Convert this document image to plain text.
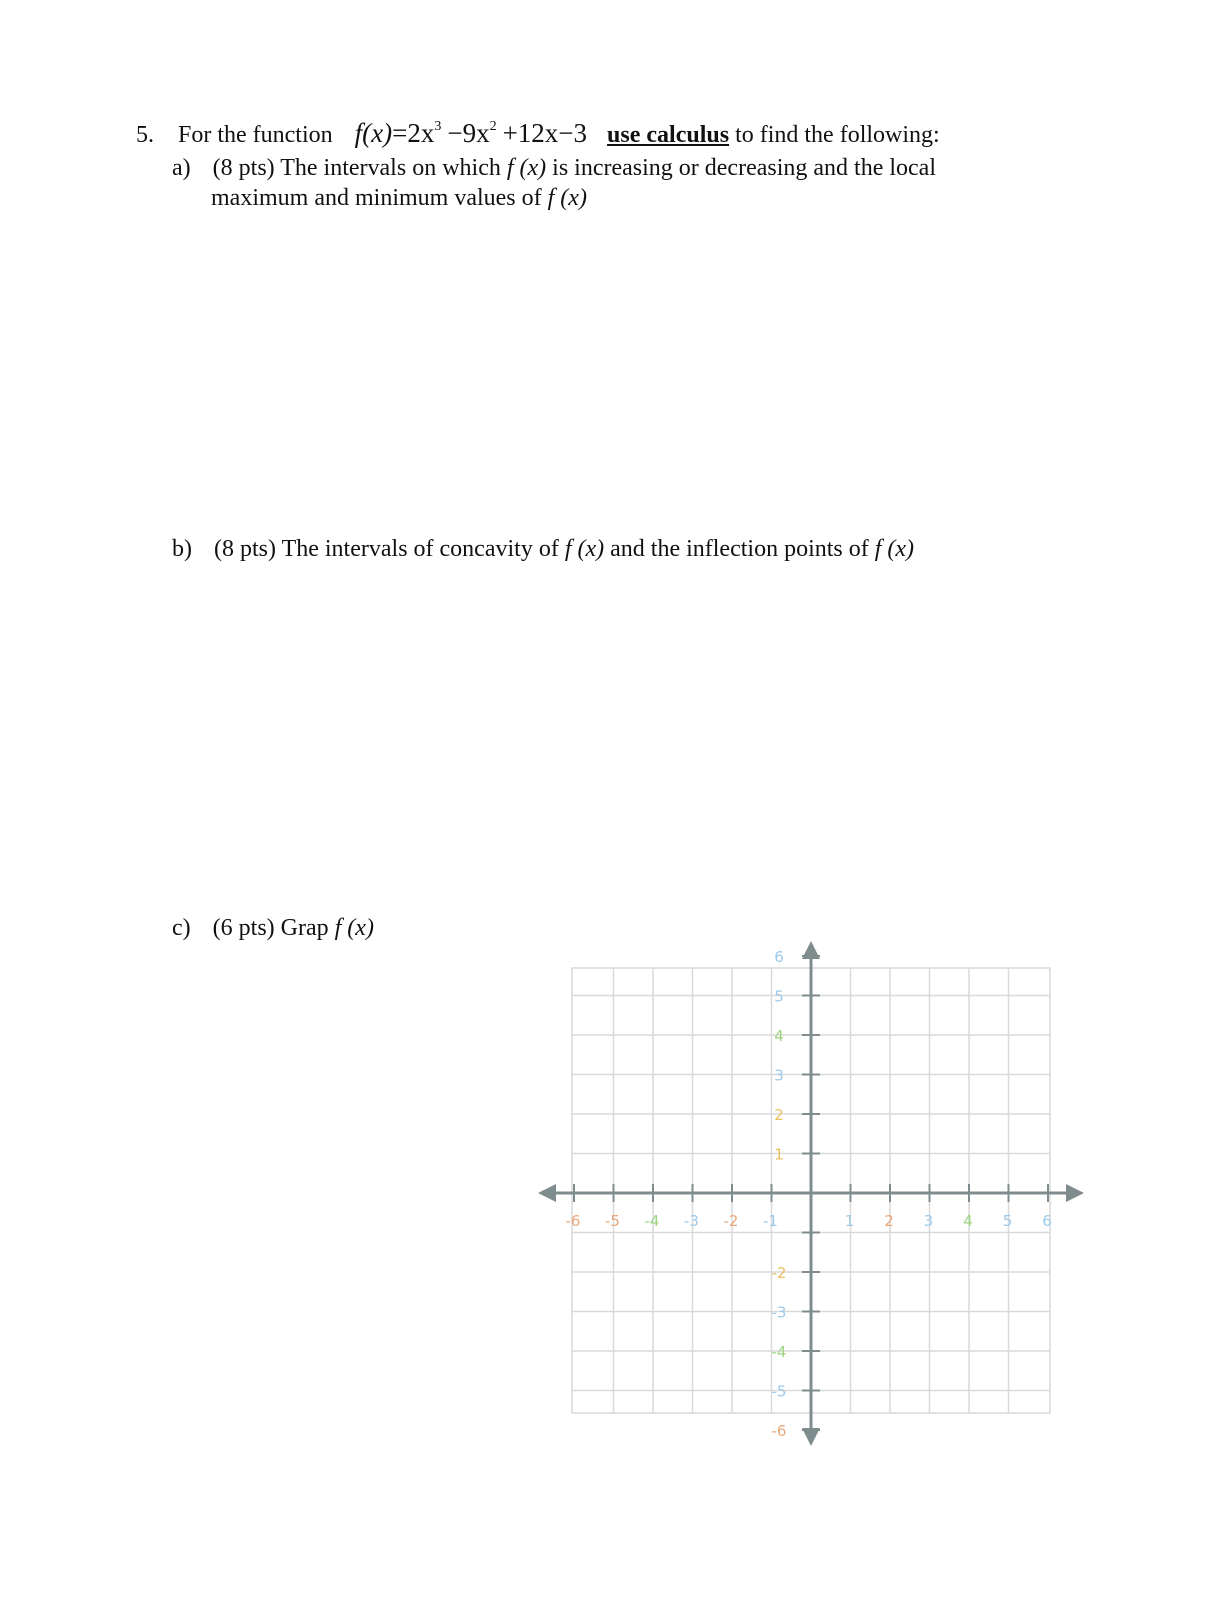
5. For the function $f(x)=2x^3 -9x^2 +12x-3$ use calculus to find the following:
a) (8 pts) The intervals on which f (x) is increasing or decreasing and the local
maximum and minimum values of f (x)
b) (8 pts) The intervals of concavity of f (x) and the inflection points of f (x)
c) (6 pts) Grap f (x)
-6 -5 -4 -3 -2 -1	1 2 3 4 5 6
6
5
4
3
2
1
-2
-3
-4
-5
-6
